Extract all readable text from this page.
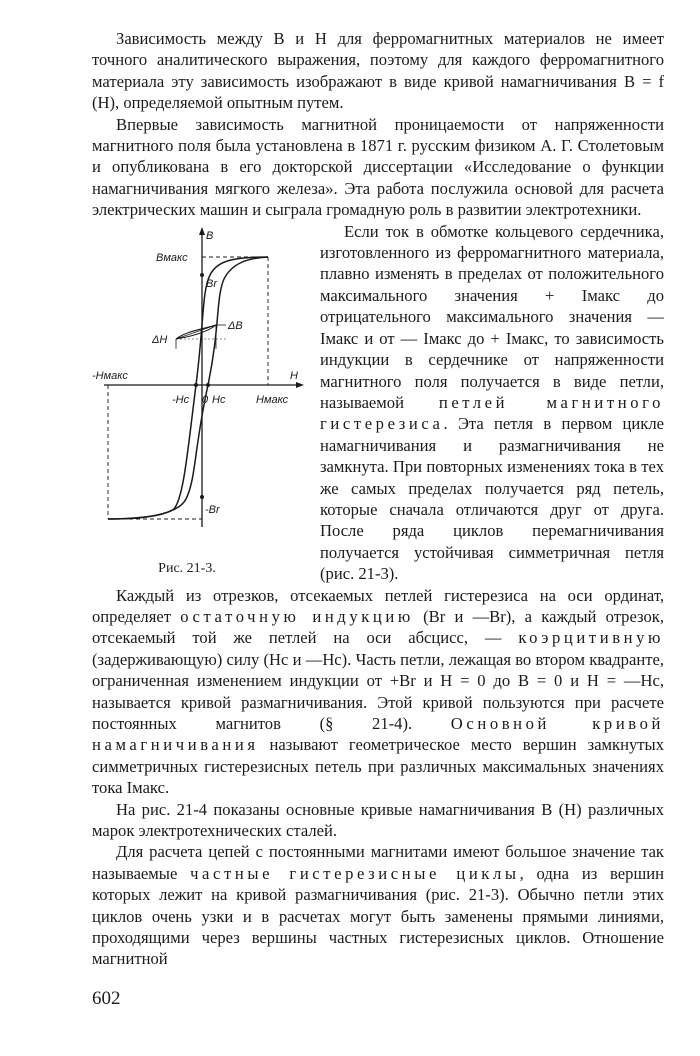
Зависимость между B и H для ферромагнитных материалов не имеет точного аналитического выражения, поэтому для каждого ферромагнитного материала эту зависимость изображают в виде кривой намагничивания B = f (H), определяемой опытным путем.

Впервые зависимость магнитной проницаемости от напряженности магнитного поля была установлена в 1871 г. русским физиком А. Г. Столетовым и опубликована в его докторской диссертации «Исследование о функции намагничивания мягкого железа». Эта работа послужила основой для расчета электрических машин и сыграла громадную роль в развитии электротехники.

B
H
Bмакс
Br
-Br
-Hc 0 Hc	Hмакс
-Hмакс
ΔH
ΔB
Рис. 21-3.

Если ток в обмотке кольцевого сердечника, изготовленного из ферромагнитного материала, плавно изменять в пределах от положительного максимального значения + Iмакс до отрицательного максимального значения — Iмакс и от — Iмакс до + Iмакс, то зависимость индукции в сердечнике от напряженности магнитного поля получается в виде петли, называемой петлей магнитного гистерезиса. Эта петля в первом цикле намагничивания и размагничивания не замкнута. При повторных изменениях тока в тех же самых пределах получается ряд петель, которые сначала отличаются друг от друга. После ряда циклов перемагничивания получается устойчивая симметричная петля (рис. 21-3).

Каждый из отрезков, отсекаемых петлей гистерезиса на оси ординат, определяет остаточную индукцию (Br и —Br), а каждый отрезок, отсекаемый той же петлей на оси абсцисс, — коэрцитивную (задерживающую) силу (Hc и —Hc). Часть петли, лежащая во втором квадранте, ограниченная изменением индукции от +Br и H = 0 до B = 0 и H = —Hc, называется кривой размагничивания. Этой кривой пользуются при расчете постоянных магнитов (§ 21-4). Основной кривой намагничивания называют геометрическое место вершин замкнутых симметричных гистерезисных петель при различных максимальных значениях тока Iмакс.

На рис. 21-4 показаны основные кривые намагничивания B (H) различных марок электротехнических сталей.

Для расчета цепей с постоянными магнитами имеют большое значение так называемые частные гистерезисные циклы, одна из вершин которых лежит на кривой размагничивания (рис. 21-3). Обычно петли этих циклов очень узки и в расчетах могут быть заменены прямыми линиями, проходящими через вершины частных гистерезисных циклов. Отношение магнитной

602
